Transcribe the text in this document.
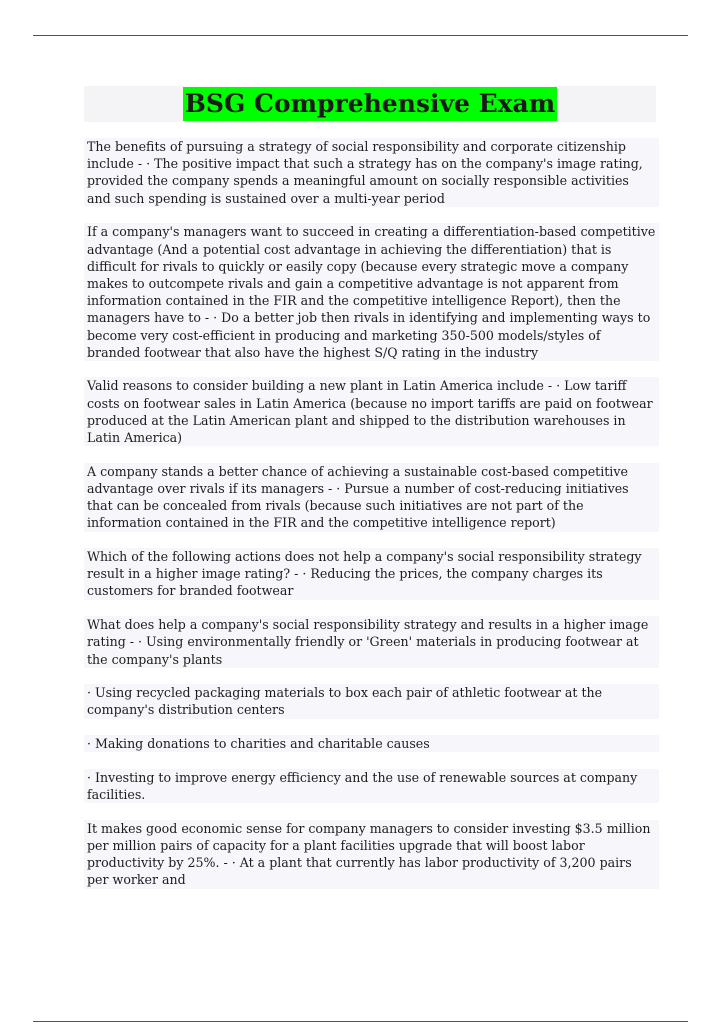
BSG Comprehensive Exam

The benefits of pursuing a strategy of social responsibility and corporate citizenship include - · The positive impact that such a strategy has on the company's image rating, provided the company spends a meaningful amount on socially responsible activities and such spending is sustained over a multi-year period

If a company's managers want to succeed in creating a differentiation-based competitive advantage (And a potential cost advantage in achieving the differentiation) that is difficult for rivals to quickly or easily copy (because every strategic move a company makes to outcompete rivals and gain a competitive advantage is not apparent from information contained in the FIR and the competitive intelligence Report), then the managers have to - · Do a better job then rivals in identifying and implementing ways to become very cost-efficient in producing and marketing 350-500 models/styles of branded footwear that also have the highest S/Q rating in the industry

Valid reasons to consider building a new plant in Latin America include - · Low tariff costs on footwear sales in Latin America (because no import tariffs are paid on footwear produced at the Latin American plant and shipped to the distribution warehouses in Latin America)

A company stands a better chance of achieving a sustainable cost-based competitive advantage over rivals if its managers - · Pursue a number of cost-reducing initiatives that can be concealed from rivals (because such initiatives are not part of the information contained in the FIR and the competitive intelligence report)

Which of the following actions does not help a company's social responsibility strategy result in a higher image rating? - · Reducing the prices, the company charges its customers for branded footwear

What does help a company's social responsibility strategy and results in a higher image rating - · Using environmentally friendly or 'Green' materials in producing footwear at the company's plants

· Using recycled packaging materials to box each pair of athletic footwear at the company's distribution centers

· Making donations to charities and charitable causes

· Investing to improve energy efficiency and the use of renewable sources at company facilities.

It makes good economic sense for company managers to consider investing $3.5 million per million pairs of capacity for a plant facilities upgrade that will boost labor productivity by 25%. - · At a plant that currently has labor productivity of 3,200 pairs per worker and
